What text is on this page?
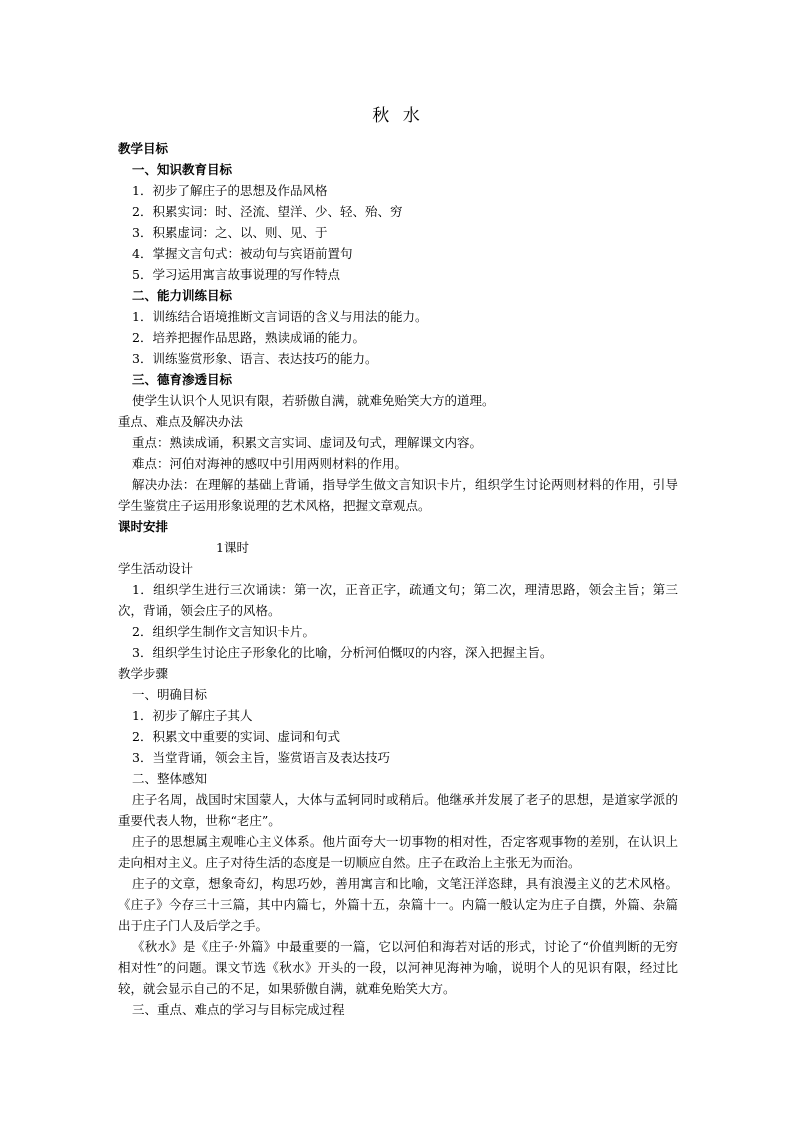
秋 水
教学目标
一、知识教育目标
1．初步了解庄子的思想及作品风格
2．积累实词：时、泾流、望洋、少、轻、殆、穷
3．积累虚词：之、以、则、见、于
4．掌握文言句式：被动句与宾语前置句
5．学习运用寓言故事说理的写作特点
二、能力训练目标
1．训练结合语境推断文言词语的含义与用法的能力。
2．培养把握作品思路，熟读成诵的能力。
3．训练鉴赏形象、语言、表达技巧的能力。
三、德育渗透目标
使学生认识个人见识有限，若骄傲自满，就难免贻笑大方的道理。
重点、难点及解决办法
重点：熟读成诵，积累文言实词、虚词及句式，理解课文内容。
难点：河伯对海神的感叹中引用两则材料的作用。
解决办法：在理解的基础上背诵，指导学生做文言知识卡片，组织学生讨论两则材料的作用，引导学生鉴赏庄子运用形象说理的艺术风格，把握文章观点。
课时安排
1课时
学生活动设计
1．组织学生进行三次诵读：第一次，正音正字，疏通文句；第二次，理清思路，领会主旨；第三次，背诵，领会庄子的风格。
2．组织学生制作文言知识卡片。
3．组织学生讨论庄子形象化的比喻，分析河伯慨叹的内容，深入把握主旨。
教学步骤
一、明确目标
1．初步了解庄子其人
2．积累文中重要的实词、虚词和句式
3．当堂背诵，领会主旨，鉴赏语言及表达技巧
二、整体感知
庄子名周，战国时宋国蒙人，大体与孟轲同时或稍后。他继承并发展了老子的思想，是道家学派的重要代表人物，世称“老庄”。
庄子的思想属主观唯心主义体系。他片面夸大一切事物的相对性，否定客观事物的差别，在认识上走向相对主义。庄子对待生活的态度是一切顺应自然。庄子在政治上主张无为而治。
庄子的文章，想象奇幻，构思巧妙，善用寓言和比喻，文笔汪洋恣肆，具有浪漫主义的艺术风格。《庄子》今存三十三篇，其中内篇七，外篇十五，杂篇十一。内篇一般认定为庄子自撰，外篇、杂篇出于庄子门人及后学之手。
《秋水》是《庄子·外篇》中最重要的一篇，它以河伯和海若对话的形式，讨论了“价值判断的无穷相对性”的问题。课文节选《秋水》开头的一段，以河神见海神为喻，说明个人的见识有限，经过比较，就会显示自己的不足，如果骄傲自满，就难免贻笑大方。
三、重点、难点的学习与目标完成过程
